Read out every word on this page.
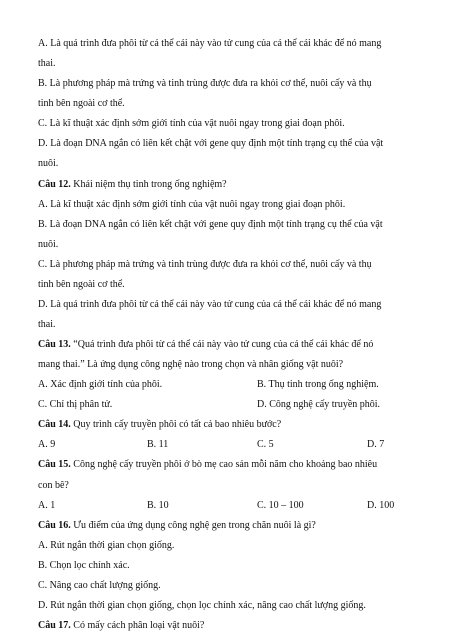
A. Là quá trình đưa phôi từ cá thể cái này vào tử cung của cá thể cái khác để nó mang
thai.
B. Là phương pháp mà trứng và tinh trùng được đưa ra khỏi cơ thể, nuôi cấy và thụ
tinh bên ngoài cơ thể.
C. Là kĩ thuật xác định sớm giới tính của vật nuôi ngay trong giai đoạn phôi.
D. Là đoạn DNA ngắn có liên kết chặt với gene quy định một tính trạng cụ thể của vật
nuôi.
Câu 12. Khái niệm thụ tinh trong ống nghiệm?
A. Là kĩ thuật xác định sớm giới tính của vật nuôi ngay trong giai đoạn phôi.
B. Là đoạn DNA ngắn có liên kết chặt với gene quy định một tính trạng cụ thể của vật
nuôi.
C. Là phương pháp mà trứng và tinh trùng được đưa ra khỏi cơ thể, nuôi cấy và thụ
tinh bên ngoài cơ thể.
D. Là quá trình đưa phôi từ cá thể cái này vào tử cung của cá thể cái khác để nó mang
thai.
Câu 13. “Quá trình đưa phôi từ cá thể cái này vào tử cung của cá thể cái khác để nó
mang thai.” Là ứng dụng công nghệ nào trong chọn và nhân giống vật nuôi?
A. Xác định giới tính của phôi.	B. Thụ tinh trong ống nghiệm.
C. Chỉ thị phân tử.	D. Công nghệ cấy truyền phôi.
Câu 14. Quy trình cấy truyền phôi có tất cả bao nhiêu bước?
A. 9	B. 11	C. 5	D. 7
Câu 15. Công nghệ cấy truyền phôi ở bò mẹ cao sản mỗi năm cho khoảng bao nhiêu
con bê?
A. 1	B. 10	C. 10 – 100	D. 100
Câu 16. Ưu điểm của ứng dụng công nghệ gen trong chăn nuôi là gì?
A. Rút ngắn thời gian chọn giống.
B. Chọn lọc chính xác.
C. Nâng cao chất lượng giống.
D. Rút ngắn thời gian chọn giống, chọn lọc chính xác, nâng cao chất lượng giống.
Câu 17. Có mấy cách phân loại vật nuôi?
